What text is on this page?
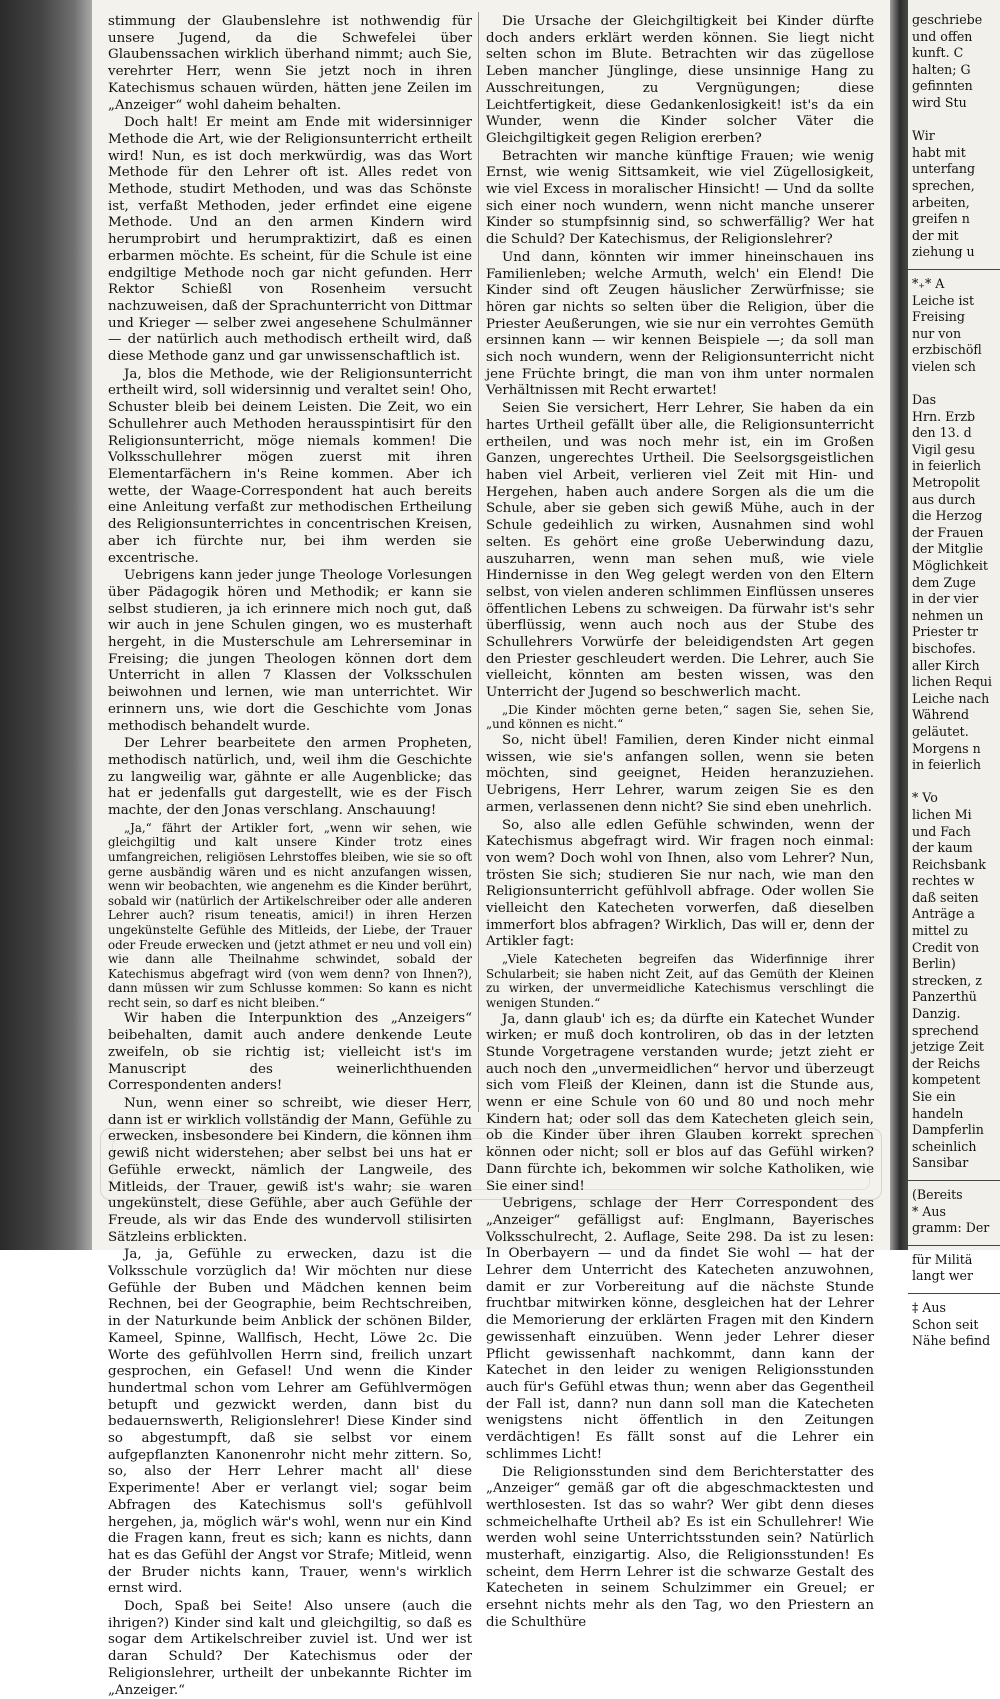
stimmung der Glaubenslehre ist nothwendig für unsere Jugend, da die Schwefelei über Glaubenssachen wirklich überhand nimmt; auch Sie, verehrter Herr, wenn Sie jetzt noch in ihren Katechismus schauen würden, hätten jene Zeilen im „Anzeiger“ wohl daheim behalten.

Doch halt! Er meint am Ende mit widersinniger Methode die Art, wie der Religionsunterricht ertheilt wird! Nun, es ist doch merkwürdig, was das Wort Methode für den Lehrer oft ist. Alles redet von Methode, studirt Methoden, und was das Schönste ist, verfaßt Methoden, jeder erfindet eine eigene Methode. Und an den armen Kindern wird herumprobirt und herumpraktizirt, daß es einen erbarmen möchte. Es scheint, für die Schule ist eine endgiltige Methode noch gar nicht gefunden. Herr Rektor Schießl von Rosenheim versucht nachzuweisen, daß der Sprachunterricht von Dittmar und Krieger — selber zwei angesehene Schulmänner — der natürlich auch methodisch ertheilt wird, daß diese Methode ganz und gar unwissenschaftlich ist.

Ja, blos die Methode, wie der Religionsunterricht ertheilt wird, soll widersinnig und veraltet sein! Oho, Schuster bleib bei deinem Leisten. Die Zeit, wo ein Schullehrer auch Methoden herausspintisirt für den Religionsunterricht, möge niemals kommen! Die Volksschullehrer mögen zuerst mit ihren Elementarfächern in's Reine kommen. Aber ich wette, der Waage-Correspondent hat auch bereits eine Anleitung verfaßt zur methodischen Ertheilung des Religionsunterrichtes in concentrischen Kreisen, aber ich fürchte nur, bei ihm werden sie excentrische.

Uebrigens kann jeder junge Theologe Vorlesungen über Pädagogik hören und Methodik; er kann sie selbst studieren, ja ich erinnere mich noch gut, daß wir auch in jene Schulen gingen, wo es musterhaft hergeht, in die Musterschule am Lehrerseminar in Freising; die jungen Theologen können dort dem Unterricht in allen 7 Klassen der Volksschulen beiwohnen und lernen, wie man unterrichtet. Wir erinnern uns, wie dort die Geschichte vom Jonas methodisch behandelt wurde.

Der Lehrer bearbeitete den armen Propheten, methodisch natürlich, und, weil ihm die Geschichte zu langweilig war, gähnte er alle Augenblicke; das hat er jedenfalls gut dargestellt, wie es der Fisch machte, der den Jonas verschlang. Anschauung!

„Ja,“ fährt der Artikler fort, „wenn wir sehen, wie gleichgiltig und kalt unsere Kinder trotz eines umfangreichen, religiösen Lehrstoffes bleiben, wie sie so oft gerne ausbändig wären und es nicht anzufangen wissen, wenn wir beobachten, wie angenehm es die Kinder berührt, sobald wir (natürlich der Artikelschreiber oder alle anderen Lehrer auch? risum teneatis, amici!) in ihren Herzen ungekünstelte Gefühle des Mitleids, der Liebe, der Trauer oder Freude erwecken und (jetzt athmet er neu und voll ein) wie dann alle Theilnahme schwindet, sobald der Katechismus abgefragt wird (von wem denn? von Ihnen?), dann müssen wir zum Schlusse kommen: So kann es nicht recht sein, so darf es nicht bleiben.“

Wir haben die Interpunktion des „Anzeigers“ beibehalten, damit auch andere denkende Leute zweifeln, ob sie richtig ist; vielleicht ist's im Manuscript des weinerlichthuenden Correspondenten anders!

Nun, wenn einer so schreibt, wie dieser Herr, dann ist er wirklich vollständig der Mann, Gefühle zu erwecken, insbesondere bei Kindern, die können ihm gewiß nicht widerstehen; aber selbst bei uns hat er Gefühle erweckt, nämlich der Langweile, des Mitleids, der Trauer, gewiß ist's wahr; sie waren ungekünstelt, diese Gefühle, aber auch Gefühle der Freude, als wir das Ende des wundervoll stilisirten Sätzleins erblickten.

Ja, ja, Gefühle zu erwecken, dazu ist die Volksschule vorzüglich da! Wir möchten nur diese Gefühle der Buben und Mädchen kennen beim Rechnen, bei der Geographie, beim Rechtschreiben, in der Naturkunde beim Anblick der schönen Bilder, Kameel, Spinne, Wallfisch, Hecht, Löwe 2c. Die Worte des gefühlvollen Herrn sind, freilich unzart gesprochen, ein Gefasel! Und wenn die Kinder hundertmal schon vom Lehrer am Gefühlvermögen betupft und gezwickt werden, dann bist du bedauernswerth, Religionslehrer! Diese Kinder sind so abgestumpft, daß sie selbst vor einem aufgepflanzten Kanonenrohr nicht mehr zittern. So, so, also der Herr Lehrer macht all' diese Experimente! Aber er verlangt viel; sogar beim Abfragen des Katechismus soll's gefühlvoll hergehen, ja, möglich wär's wohl, wenn nur ein Kind die Fragen kann, freut es sich; kann es nichts, dann hat es das Gefühl der Angst vor Strafe; Mitleid, wenn der Bruder nichts kann, Trauer, wenn's wirklich ernst wird.

Doch, Spaß bei Seite! Also unsere (auch die ihrigen?) Kinder sind kalt und gleichgiltig, so daß es sogar dem Artikelschreiber zuviel ist. Und wer ist daran Schuld? Der Katechismus oder der Religionslehrer, urtheilt der unbekannte Richter im „Anzeiger.“

Die Ursache der Gleichgiltigkeit bei Kinder dürfte doch anders erklärt werden können. Sie liegt nicht selten schon im Blute. Betrachten wir das zügellose Leben mancher Jünglinge, diese unsinnige Hang zu Ausschreitungen, zu Vergnügungen; diese Leichtfertigkeit, diese Gedankenlosigkeit! ist's da ein Wunder, wenn die Kinder solcher Väter die Gleichgiltigkeit gegen Religion ererben?

Betrachten wir manche künftige Frauen; wie wenig Ernst, wie wenig Sittsamkeit, wie viel Zügellosigkeit, wie viel Excess in moralischer Hinsicht! — Und da sollte sich einer noch wundern, wenn nicht manche unserer Kinder so stumpfsinnig sind, so schwerfällig? Wer hat die Schuld? Der Katechismus, der Religionslehrer?

Und dann, könnten wir immer hineinschauen ins Familienleben; welche Armuth, welch' ein Elend! Die Kinder sind oft Zeugen häuslicher Zerwürfnisse; sie hören gar nichts so selten über die Religion, über die Priester Aeußerungen, wie sie nur ein verrohtes Gemüth ersinnen kann — wir kennen Beispiele —; da soll man sich noch wundern, wenn der Religionsunterricht nicht jene Früchte bringt, die man von ihm unter normalen Verhältnissen mit Recht erwartet!

Seien Sie versichert, Herr Lehrer, Sie haben da ein hartes Urtheil gefällt über alle, die Religionsunterricht ertheilen, und was noch mehr ist, ein im Großen Ganzen, ungerechtes Urtheil. Die Seelsorgsgeistlichen haben viel Arbeit, verlieren viel Zeit mit Hin- und Hergehen, haben auch andere Sorgen als die um die Schule, aber sie geben sich gewiß Mühe, auch in der Schule gedeihlich zu wirken, Ausnahmen sind wohl selten. Es gehört eine große Ueberwindung dazu, auszuharren, wenn man sehen muß, wie viele Hindernisse in den Weg gelegt werden von den Eltern selbst, von vielen anderen schlimmen Einflüssen unseres öffentlichen Lebens zu schweigen. Da fürwahr ist's sehr überflüssig, wenn auch noch aus der Stube des Schullehrers Vorwürfe der beleidigendsten Art gegen den Priester geschleudert werden. Die Lehrer, auch Sie vielleicht, könnten am besten wissen, was den Unterricht der Jugend so beschwerlich macht.

„Die Kinder möchten gerne beten,“ sagen Sie, sehen Sie, „und können es nicht.“

So, nicht übel! Familien, deren Kinder nicht einmal wissen, wie sie's anfangen sollen, wenn sie beten möchten, sind geeignet, Heiden heranzuziehen. Uebrigens, Herr Lehrer, warum zeigen Sie es den armen, verlassenen denn nicht? Sie sind eben unehrlich.

So, also alle edlen Gefühle schwinden, wenn der Katechismus abgefragt wird. Wir fragen noch einmal: von wem? Doch wohl von Ihnen, also vom Lehrer? Nun, trösten Sie sich; studieren Sie nur nach, wie man den Religionsunterricht gefühlvoll abfrage. Oder wollen Sie vielleicht den Katecheten vorwerfen, daß dieselben immerfort blos abfragen? Wirklich, Das will er, denn der Artikler fagt:

„Viele Katecheten begreifen das Widerfinnige ihrer Schularbeit; sie haben nicht Zeit, auf das Gemüth der Kleinen zu wirken, der unvermeidliche Katechismus verschlingt die wenigen Stunden.“

Ja, dann glaub' ich es; da dürfte ein Katechet Wunder wirken; er muß doch kontroliren, ob das in der letzten Stunde Vorgetragene verstanden wurde; jetzt zieht er auch noch den „unvermeidlichen“ hervor und überzeugt sich vom Fleiß der Kleinen, dann ist die Stunde aus, wenn er eine Schule von 60 und 80 und noch mehr Kindern hat; oder soll das dem Katecheten gleich sein, ob die Kinder über ihren Glauben korrekt sprechen können oder nicht; soll er blos auf das Gefühl wirken? Dann fürchte ich, bekommen wir solche Katholiken, wie Sie einer sind!

Uebrigens, schlage der Herr Correspondent des „Anzeiger“ gefälligst auf: Englmann, Bayerisches Volksschulrecht, 2. Auflage, Seite 298. Da ist zu lesen: In Oberbayern — und da findet Sie wohl — hat der Lehrer dem Unterricht des Katecheten anzuwohnen, damit er zur Vorbereitung auf die nächste Stunde fruchtbar mitwirken könne, desgleichen hat der Lehrer die Memorierung der erklärten Fragen mit den Kindern gewissenhaft einzuüben. Wenn jeder Lehrer dieser Pflicht gewissenhaft nachkommt, dann kann der Katechet in den leider zu wenigen Religionsstunden auch für's Gefühl etwas thun; wenn aber das Gegentheil der Fall ist, dann? nun dann soll man die Katecheten wenigstens nicht öffentlich in den Zeitungen verdächtigen! Es fällt sonst auf die Lehrer ein schlimmes Licht!

Die Religionsstunden sind dem Berichterstatter des „Anzeiger“ gemäß gar oft die abgeschmacktesten und werthlosesten. Ist das so wahr? Wer gibt denn dieses schmeichelhafte Urtheil ab? Es ist ein Schullehrer! Wie werden wohl seine Unterrichtsstunden sein? Natürlich musterhaft, einzigartig. Also, die Religionsstunden! Es scheint, dem Herrn Lehrer ist die schwarze Gestalt des Katecheten in seinem Schulzimmer ein Greuel; er ersehnt nichts mehr als den Tag, wo den Priestern an die Schulthüre

geschriebe
und offen
kunft. C
halten; G
gefinnten
wird Stu
Wir
habt mit
unterfang
sprechen,
arbeiten,
greifen n
der mit
ziehung u
*₊* A
Leiche ist
Freising
nur von
erzbischöfl
vielen sch
Das
Hrn. Erzb
den 13. d
Vigil gesu
in feierlich
Metropolit
aus durch
die Herzog
der Frauen
der Mitglie
Möglichkeit
dem Zuge
in der vier
nehmen un
Priester tr
bischofes.
aller Kirch
lichen Requi
Leiche nach
Während
geläutet.
Morgens n
in feierlich
* Vo
lichen Mi
und Fach
der kaum
Reichsbank
rechtes w
daß seiten
Anträge a
mittel zu
Credit von
Berlin)
strecken, z
Panzerthü
Danzig.
sprechend
jetzige Zeit
der Reichs
kompetent
Sie ein
handeln
Dampferlin
scheinlich
Sansibar
(Bereits
* Aus
gramm: Der
für Militä
langt wer
‡ Aus
Schon seit
Nähe befind
